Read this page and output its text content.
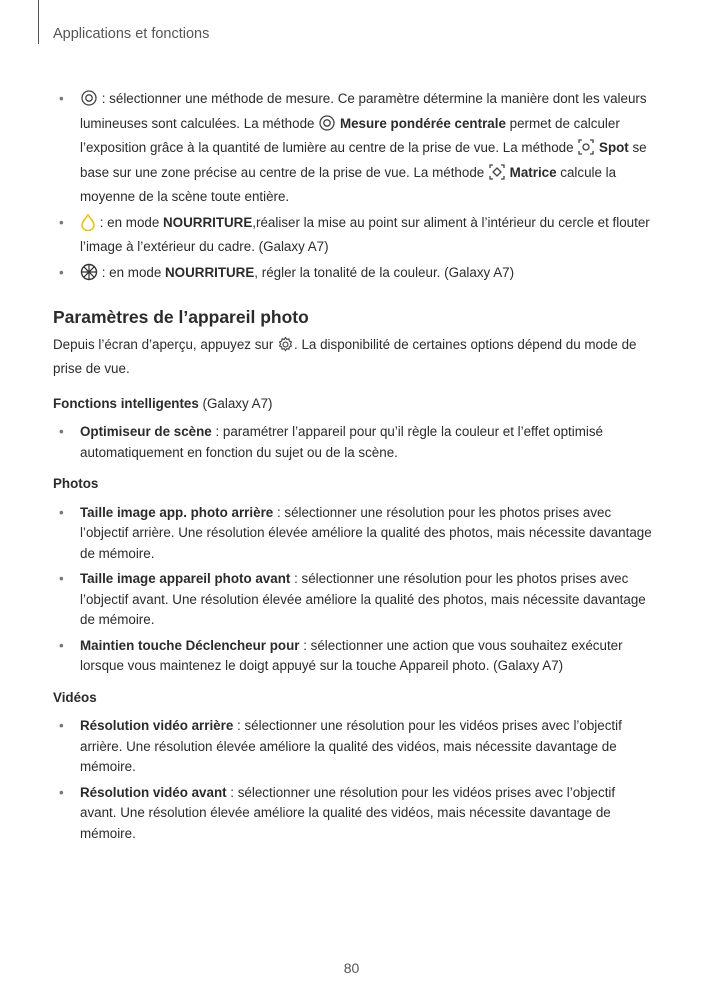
Applications et fonctions
•	: sélectionner une méthode de mesure. Ce paramètre détermine la manière dont les valeurs lumineuses sont calculées. La méthode  Mesure pondérée centrale permet de calculer l’exposition grâce à la quantité de lumière au centre de la prise de vue. La méthode Spot se base sur une zone précise au centre de la prise de vue. La méthode  Matrice calcule la moyenne de la scène toute entière.
•	: en mode NOURRITURE,réaliser la mise au point sur aliment à l’intérieur du cercle et flouter l’image à l’extérieur du cadre. (Galaxy A7)
•	: en mode NOURRITURE, régler la tonalité de la couleur. (Galaxy A7)
Paramètres de l’appareil photo

Depuis l’écran d’aperçu, appuyez sur . La disponibilité de certaines options dépend du mode de prise de vue.

Fonctions intelligentes (Galaxy A7)
• Optimiseur de scène : paramétrer l’appareil pour qu’il règle la couleur et l’effet optimisé automatiquement en fonction du sujet ou de la scène.
Photos
• Taille image app. photo arrière : sélectionner une résolution pour les photos prises avec l’objectif arrière. Une résolution élevée améliore la qualité des photos, mais nécessite davantage de mémoire.
• Taille image appareil photo avant : sélectionner une résolution pour les photos prises avec l’objectif avant. Une résolution élevée améliore la qualité des photos, mais nécessite davantage de mémoire.
• Maintien touche Déclencheur pour : sélectionner une action que vous souhaitez exécuter lorsque vous maintenez le doigt appuyé sur la touche Appareil photo. (Galaxy A7)
Vidéos
• Résolution vidéo arrière : sélectionner une résolution pour les vidéos prises avec l’objectif arrière. Une résolution élevée améliore la qualité des vidéos, mais nécessite davantage de mémoire.
• Résolution vidéo avant : sélectionner une résolution pour les vidéos prises avec l’objectif avant. Une résolution élevée améliore la qualité des vidéos, mais nécessite davantage de mémoire.
80
